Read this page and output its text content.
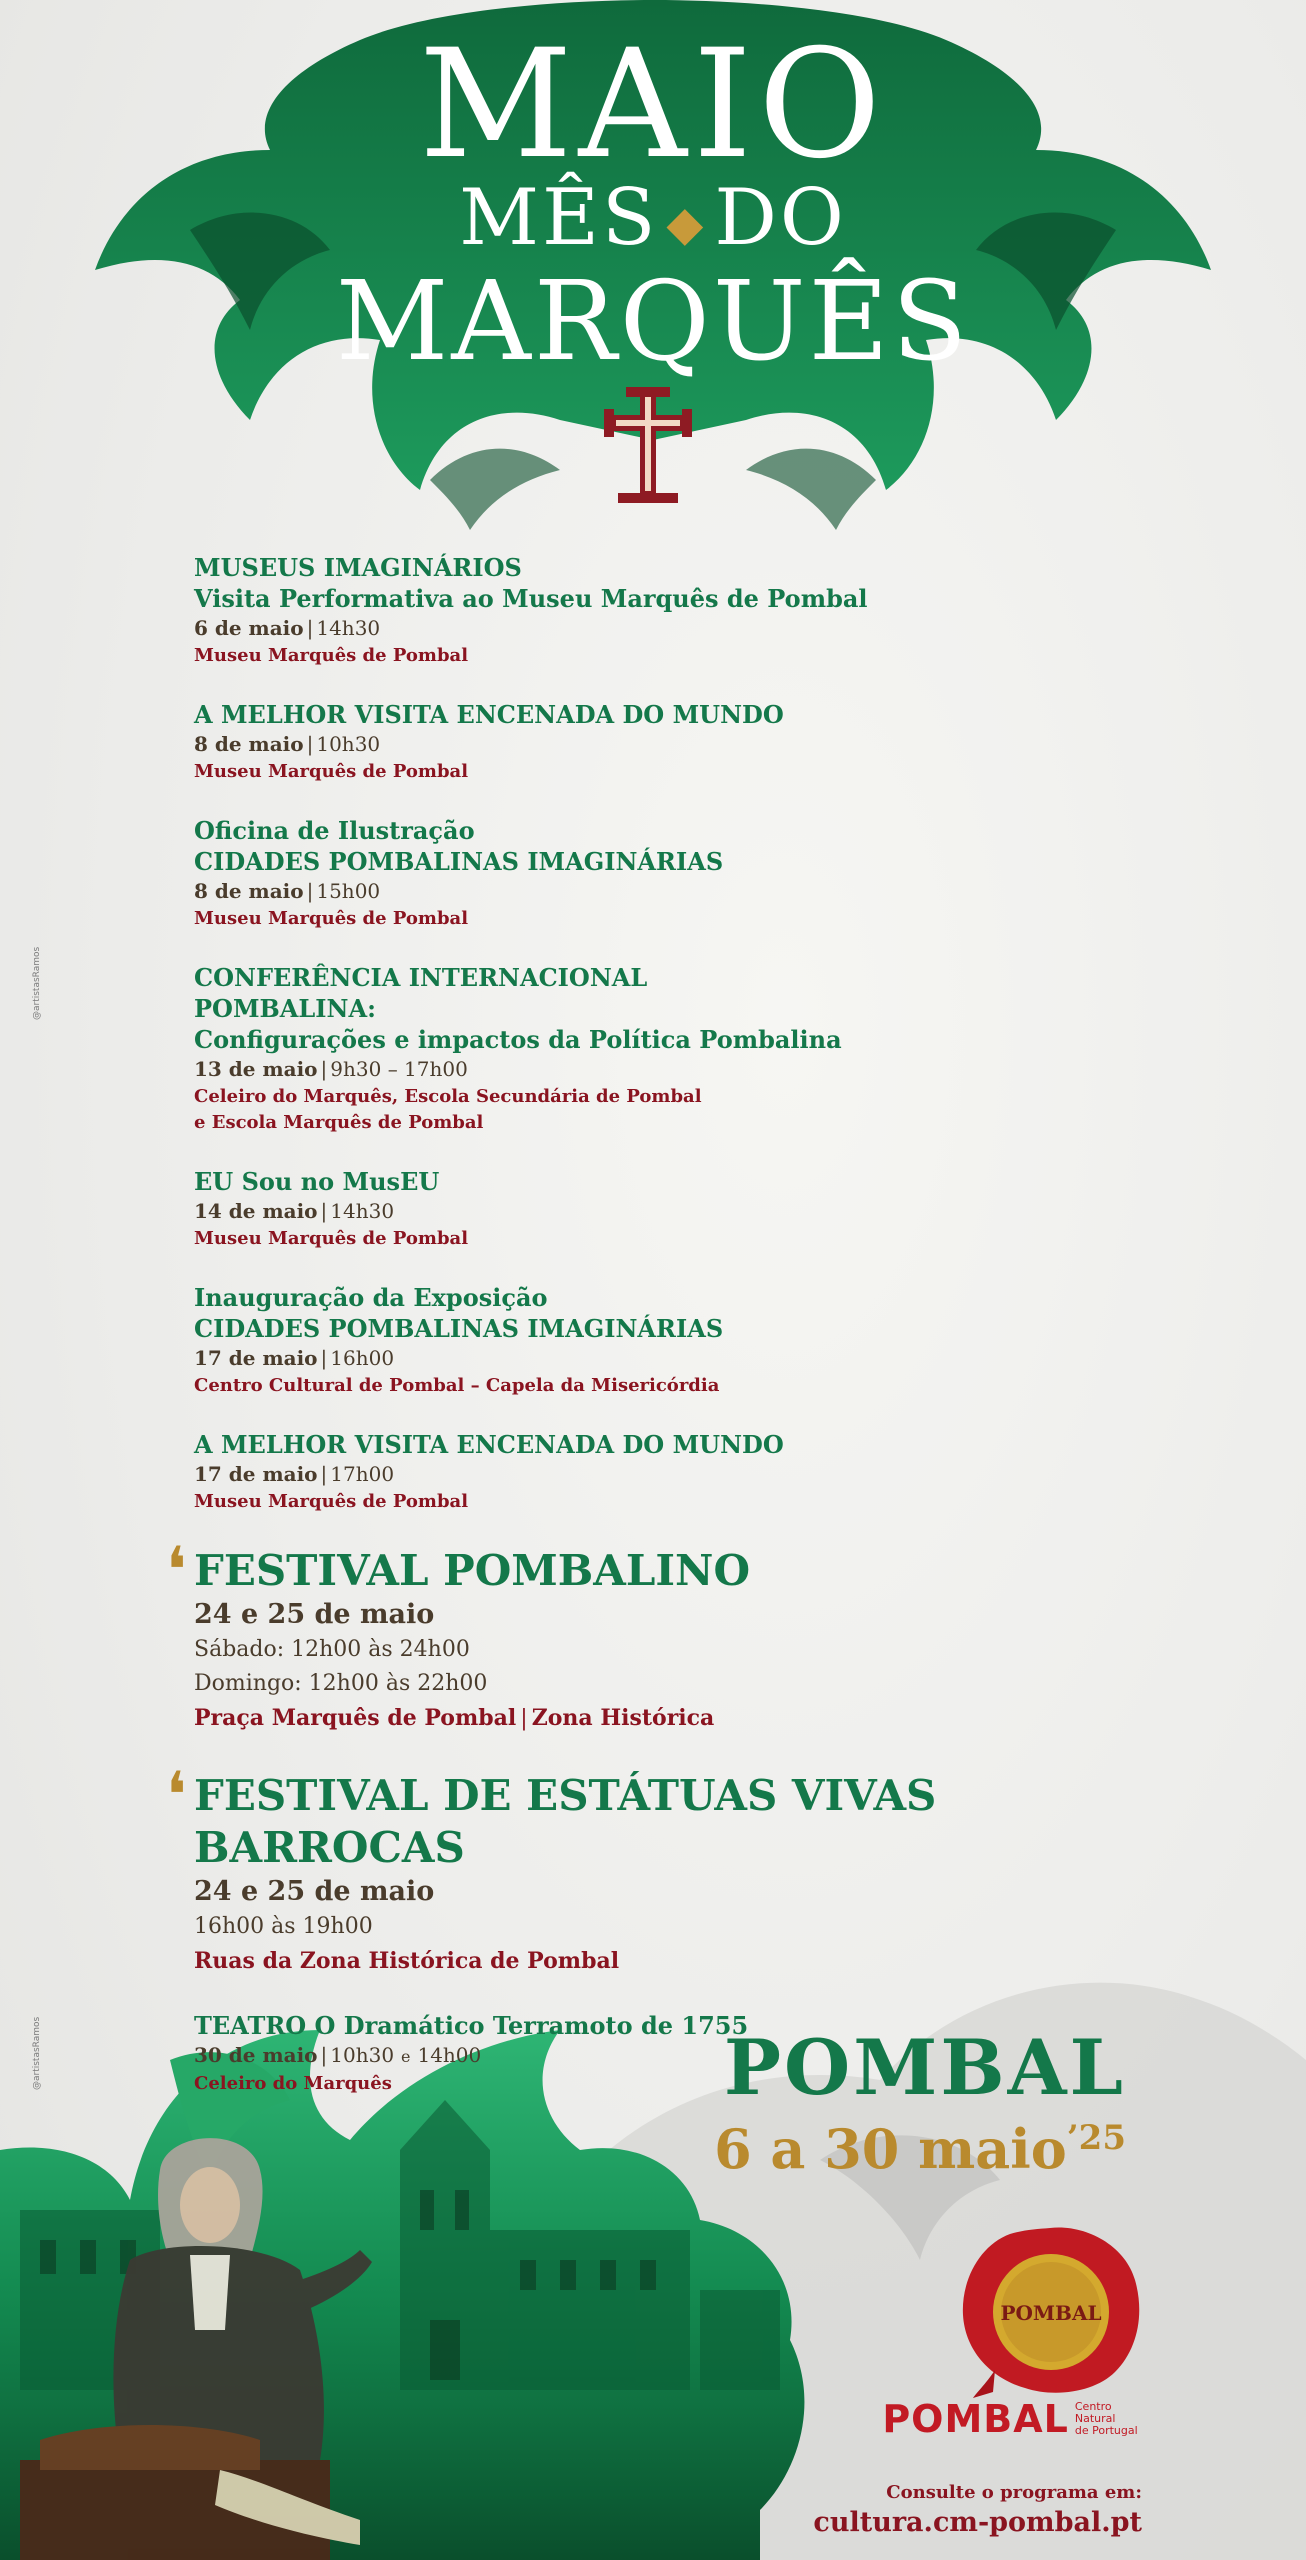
MAIO
MÊS ◆ DO
MARQUÊS
MUSEUS IMAGINÁRIOS
Visita Performativa ao Museu Marquês de Pombal
6 de maio | 14h30
Museu Marquês de Pombal
A MELHOR VISITA ENCENADA DO MUNDO
8 de maio | 10h30
Museu Marquês de Pombal
Oficina de Ilustração
CIDADES POMBALINAS IMAGINÁRIAS
8 de maio | 15h00
Museu Marquês de Pombal
CONFERÊNCIA INTERNACIONAL
POMBALINA:
Configurações e impactos da Política Pombalina
13 de maio | 9h30 – 17h00
Celeiro do Marquês, Escola Secundária de Pombal
e Escola Marquês de Pombal
EU Sou no MusEU
14 de maio | 14h30
Museu Marquês de Pombal
Inauguração da Exposição
CIDADES POMBALINAS IMAGINÁRIAS
17 de maio | 16h00
Centro Cultural de Pombal – Capela da Misericórdia
A MELHOR VISITA ENCENADA DO MUNDO
17 de maio | 17h00
Museu Marquês de Pombal
❛ FESTIVAL POMBALINO
24 e 25 de maio
Sábado: 12h00 às 24h00
Domingo: 12h00 às 22h00
Praça Marquês de Pombal | Zona Histórica
❛ FESTIVAL DE ESTÁTUAS VIVAS BARROCAS
24 e 25 de maio
16h00 às 19h00
Ruas da Zona Histórica de Pombal
TEATRO O Dramático Terramoto de 1755
30 de maio | 10h30 e 14h00
Celeiro do Marquês	POMBAL
6 a 30 maio$^{’25}$
POMBAL
POMBAL Centro
Natural
de Portugal
Consulte o programa em:
cultura.cm-pombal.pt
@artistasRamos
@artistasRamos
